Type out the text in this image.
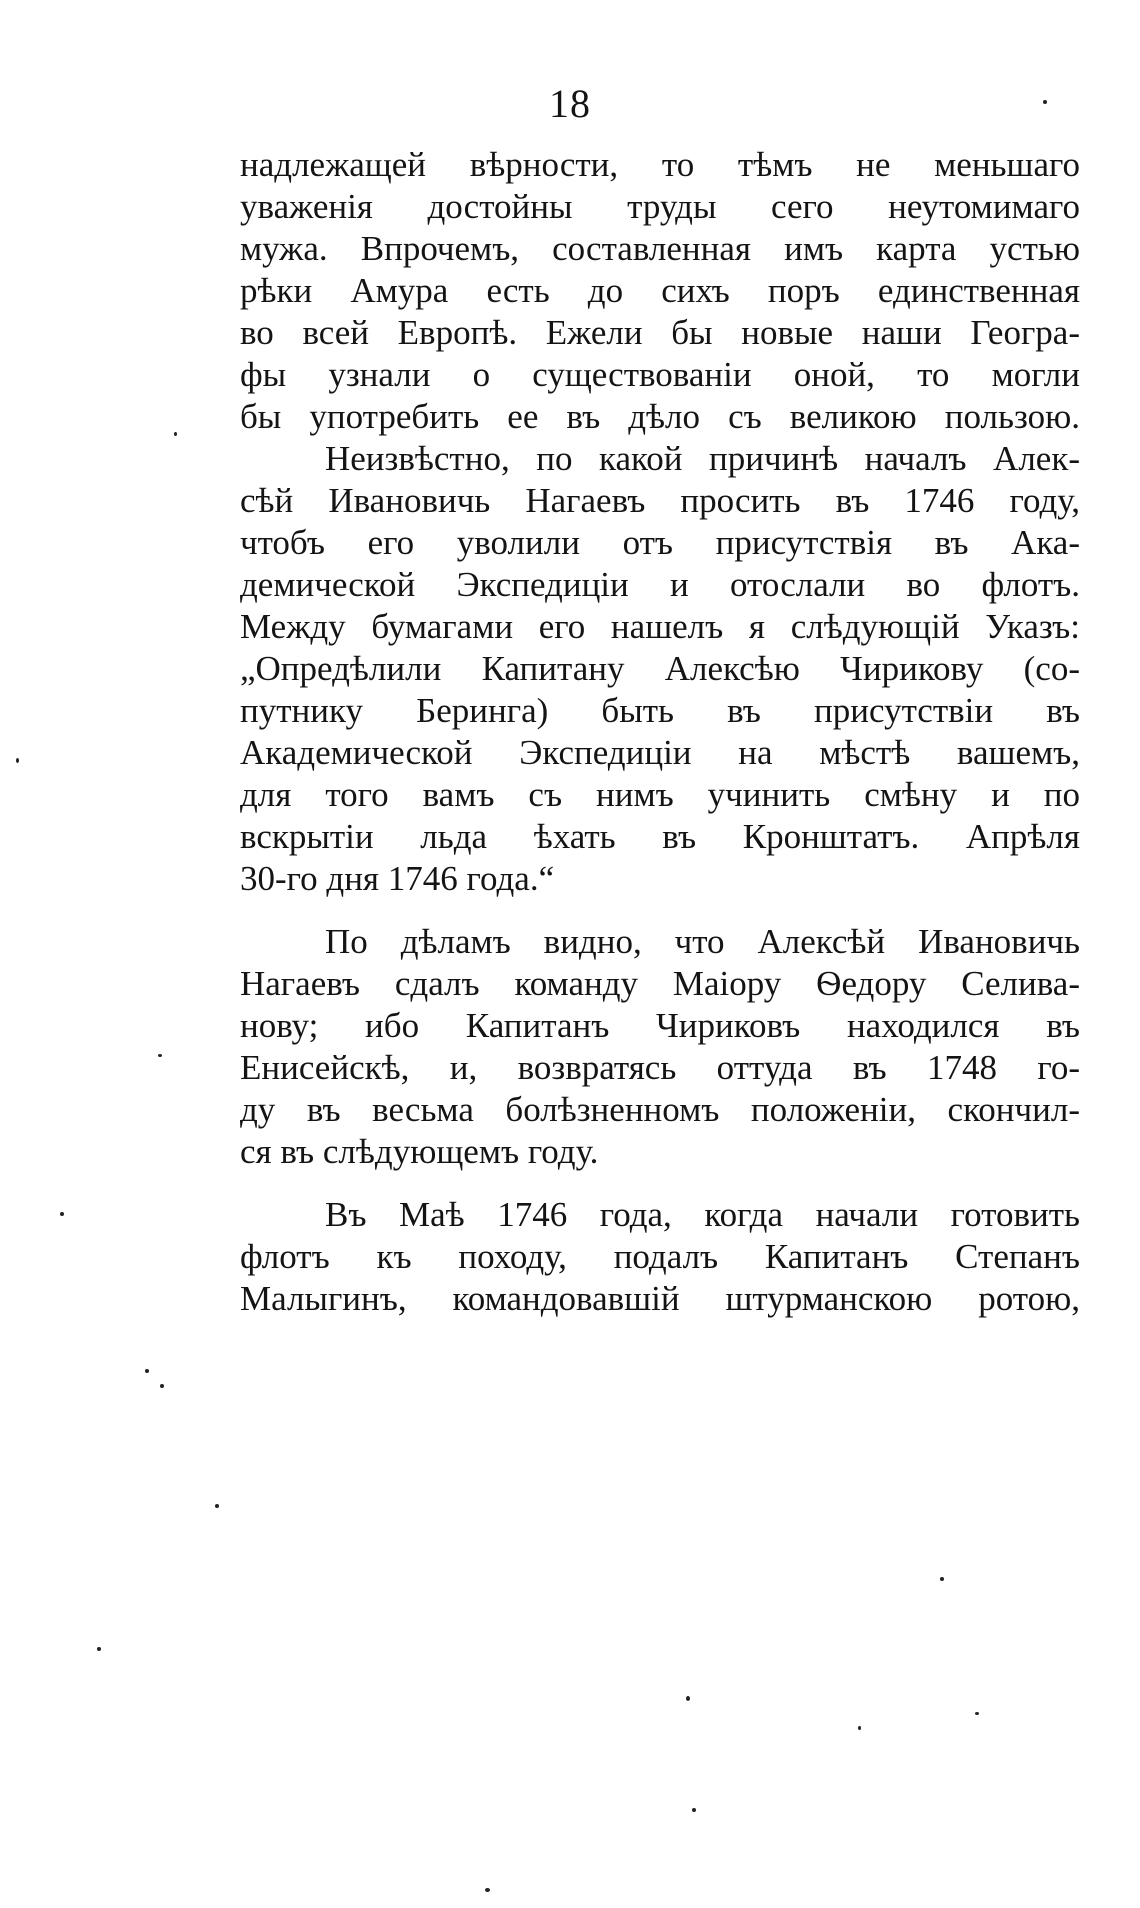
18
надлежащей вѣрности, то тѣмъ не меньшаго
уваженія достойны труды сего неутомимаго
мужа. Впрочемъ, составленная имъ карта устью
рѣки Амура есть до сихъ поръ единственная
во всей Европѣ. Ежели бы новые наши Геогра-
фы узнали о существованіи оной, то могли
бы употребить ее въ дѣло съ великою пользою.
Неизвѣстно, по какой причинѣ началъ Алек-
сѣй Ивановичь Нагаевъ просить въ 1746 году,
чтобъ его уволили отъ присутствія въ Ака-
демической Экспедиціи и отослали во флотъ.
Между бумагами его нашелъ я слѣдующій Указъ:
„Опредѣлили Капитану Алексѣю Чирикову (со-
путнику Беринга) быть въ присутствіи въ
Академической Экспедиціи на мѣстѣ вашемъ,
для того вамъ съ нимъ учинить смѣну и по
вскрытіи льда ѣхать въ Кронштатъ. Апрѣля
30-го дня 1746 года.“
По дѣламъ видно, что Алексѣй Ивановичь
Нагаевъ сдалъ команду Маіору Ѳедору Селива-
нову; ибо Капитанъ Чириковъ находился въ
Енисейскѣ, и, возвратясь оттуда въ 1748 го-
ду въ весьма болѣзненномъ положеніи, скончил-
ся въ слѣдующемъ году.
Въ Маѣ 1746 года, когда начали готовить
флотъ къ походу, подалъ Капитанъ Степанъ
Малыгинъ, командовавшій штурманскою ротою,
